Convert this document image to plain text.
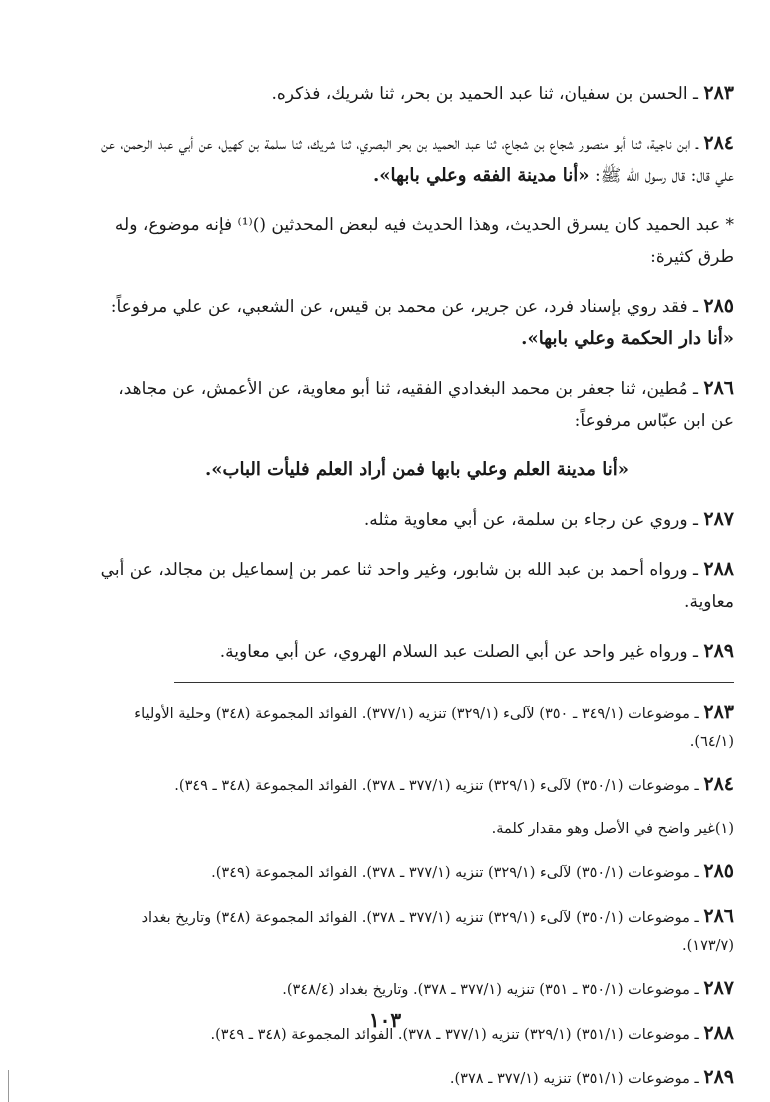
٢٨٣ ـ الحسن بن سفيان، ثنا عبد الحميد بن بحر، ثنا شريك، فذكره.

٢٨٤ ـ ابن ناجية، ثنا أبو منصور شجاع بن شجاع، ثنا عبد الحميد بن بحر البصري، ثنا شريك، ثنا سلمة بن كهيل، عن أبي عبد الرحمن، عن علي قال: قال رسول الله ﷺ: «أنا مدينة الفقه وعلي بابها».

* عبد الحميد كان يسرق الحديث، وهذا الحديث فيه لبعض المحدثين ()⁽¹⁾ فإنه موضوع، وله طرق كثيرة:

٢٨٥ ـ فقد روي بإسناد فرد، عن جرير، عن محمد بن قيس، عن الشعبي، عن علي مرفوعاً: «أنا دار الحكمة وعلي بابها».

٢٨٦ ـ مُطين، ثنا جعفر بن محمد البغدادي الفقيه، ثنا أبو معاوية، عن الأعمش، عن مجاهد، عن ابن عبّاس مرفوعاً:

«أنا مدينة العلم وعلي بابها فمن أراد العلم فليأت الباب».

٢٨٧ ـ وروي عن رجاء بن سلمة، عن أبي معاوية مثله.

٢٨٨ ـ ورواه أحمد بن عبد الله بن شابور، وغير واحد ثنا عمر بن إسماعيل بن مجالد، عن أبي معاوية.

٢٨٩ ـ ورواه غير واحد عن أبي الصلت عبد السلام الهروي، عن أبي معاوية.

٢٨٣ ـ موضوعات (٣٤٩/١ ـ ٣٥٠) لآلىء (٣٢٩/١) تنزيه (٣٧٧/١). الفوائد المجموعة (٣٤٨) وحلية الأولياء (٦٤/١).

٢٨٤ ـ موضوعات (٣٥٠/١) لآلىء (٣٢٩/١) تنزيه (٣٧٧/١ ـ ٣٧٨). الفوائد المجموعة (٣٤٨ ـ ٣٤٩).

(١)غير واضح في الأصل وهو مقدار كلمة.

٢٨٥ ـ موضوعات (٣٥٠/١) لآلىء (٣٢٩/١) تنزيه (٣٧٧/١ ـ ٣٧٨). الفوائد المجموعة (٣٤٩).

٢٨٦ ـ موضوعات (٣٥٠/١) لآلىء (٣٢٩/١) تنزيه (٣٧٧/١ ـ ٣٧٨). الفوائد المجموعة (٣٤٨) وتاريخ بغداد (١٧٣/٧).

٢٨٧ ـ موضوعات (٣٥٠/١ ـ ٣٥١) تنزيه (٣٧٧/١ ـ ٣٧٨). وتاريخ بغداد (٣٤٨/٤).

٢٨٨ ـ موضوعات (٣٥١/١) (٣٢٩/١) تنزيه (٣٧٧/١ ـ ٣٧٨). الفوائد المجموعة (٣٤٨ ـ ٣٤٩).

٢٨٩ ـ موضوعات (٣٥١/١) تنزيه (٣٧٧/١ ـ ٣٧٨).

١٠٣
